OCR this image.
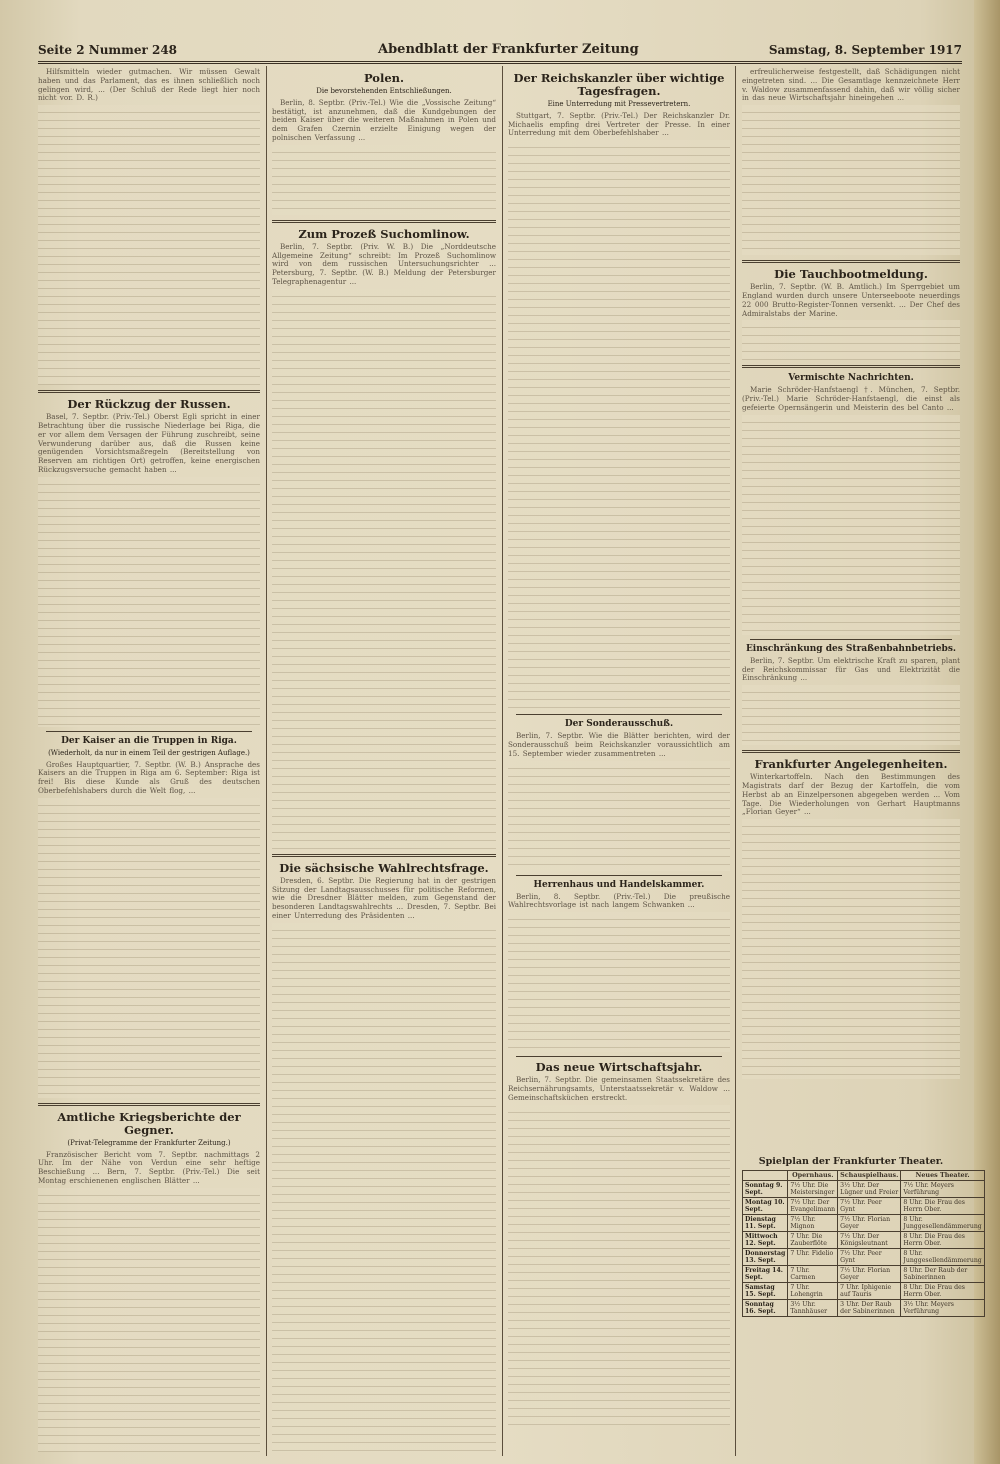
Seite 2 Nummer 248	Abendblatt der Frankfurter Zeitung	Samstag, 8. September 1917

Hilfsmitteln wieder gutmachen. Wir müssen Gewalt haben und das Parlament, das es ihnen schließlich noch gelingen wird, ... (Der Schluß der Rede liegt hier noch nicht vor. D. R.)

Der Rückzug der Russen.

Basel, 7. Septbr. (Priv.-Tel.) Oberst Egli spricht in einer Betrachtung über die russische Niederlage bei Riga, die er vor allem dem Versagen der Führung zuschreibt, seine Verwunderung darüber aus, daß die Russen keine genügenden Vorsichtsmaßregeln (Bereitstellung von Reserven am richtigen Ort) getroffen, keine energischen Rückzugsversuche gemacht haben ...

Der Kaiser an die Truppen in Riga.
(Wiederholt, da nur in einem Teil der gestrigen Auflage.)

Großes Hauptquartier, 7. Septbr. (W. B.) Ansprache des Kaisers an die Truppen in Riga am 6. September: Riga ist frei! Bis diese Kunde als Gruß des deutschen Oberbefehlshabers durch die Welt flog, ...

Amtliche Kriegsberichte der Gegner.
(Privat-Telegramme der Frankfurter Zeitung.)

Französischer Bericht vom 7. Septbr. nachmittags 2 Uhr. Im der Nähe von Verdun eine sehr heftige Beschießung ... Bern, 7. Septbr. (Priv.-Tel.) Die seit Montag erschienenen englischen Blätter ...

Polen.
Die bevorstehenden Entschließungen.

Berlin, 8. Septbr. (Priv.-Tel.) Wie die „Vossische Zeitung“ bestätigt, ist anzunehmen, daß die Kundgebungen der beiden Kaiser über die weiteren Maßnahmen in Polen und dem Grafen Czernin erzielte Einigung wegen der polnischen Verfassung ...

Zum Prozeß Suchomlinow.

Berlin, 7. Septbr. (Priv. W. B.) Die „Norddeutsche Allgemeine Zeitung“ schreibt: Im Prozeß Suchomlinow wird von dem russischen Untersuchungsrichter ... Petersburg, 7. Septbr. (W. B.) Meldung der Petersburger Telegraphenagentur ...

Die sächsische Wahlrechtsfrage.

Dresden, 6. Septbr. Die Regierung hat in der gestrigen Sitzung der Landtagsausschusses für politische Reformen, wie die Dresdner Blätter melden, zum Gegenstand der besonderen Landtagswahlrechts ... Dresden, 7. Septbr. Bei einer Unterredung des Präsidenten ...

Der Reichskanzler über wichtige Tagesfragen.
Eine Unterredung mit Pressevertretern.

Stuttgart, 7. Septbr. (Priv.-Tel.) Der Reichskanzler Dr. Michaelis empfing drei Vertreter der Presse. In einer Unterredung mit dem Oberbefehlshaber ...

Der Sonderausschuß.

Berlin, 7. Septbr. Wie die Blätter berichten, wird der Sonderausschuß beim Reichskanzler voraussichtlich am 15. September wieder zusammentreten ...

Herrenhaus und Handelskammer.

Berlin, 8. Septbr. (Priv.-Tel.) Die preußische Wahlrechtsvorlage ist nach langem Schwanken ...

Das neue Wirtschaftsjahr.

Berlin, 7. Septbr. Die gemeinsamen Staatssekretäre des Reichsernährungsamts, Unterstaatssekretär v. Waldow ... Gemeinschaftsküchen erstreckt.

erfreulicherweise festgestellt, daß Schädigungen nicht eingetreten sind. ... Die Gesamtlage kennzeichnete Herr v. Waldow zusammenfassend dahin, daß wir völlig sicher in das neue Wirtschaftsjahr hineingehen ...

Die Tauchbootmeldung.

Berlin, 7. Septbr. (W. B. Amtlich.) Im Sperrgebiet um England wurden durch unsere Unterseeboote neuerdings 22 000 Brutto-Register-Tonnen versenkt. ... Der Chef des Admiralstabs der Marine.

Vermischte Nachrichten.

Marie Schröder-Hanfstaengl †. München, 7. Septbr. (Priv.-Tel.) Marie Schröder-Hanfstaengl, die einst als gefeierte Opernsängerin und Meisterin des bel Canto ...

Einschränkung des Straßenbahnbetriebs.

Berlin, 7. Septbr. Um elektrische Kraft zu sparen, plant der Reichskommissar für Gas und Elektrizität die Einschränkung ...

Frankfurter Angelegenheiten.

Winterkartoffeln. Nach den Bestimmungen des Magistrats darf der Bezug der Kartoffeln, die vom Herbst ab an Einzelpersonen abgegeben werden ... Vom Tage. Die Wiederholungen von Gerhart Hauptmanns „Florian Geyer“ ...

Spielplan der Frankfurter Theater.
	Opernhaus.	Schauspielhaus.	Neues Theater.
Sonntag 9. Sept.	7½ Uhr. Die Meistersinger	3½ Uhr. Der Lügner und Freier	7½ Uhr. Meyers Verführung
Montag 10. Sept.	7½ Uhr. Der Evangelimann	7½ Uhr. Peer Gynt	8 Uhr. Die Frau des Herrn Ober.
Dienstag 11. Sept.	7½ Uhr. Mignon	7½ Uhr. Florian Geyer	8 Uhr. Junggesellendämmerung
Mittwoch 12. Sept.	7 Uhr. Die Zauberflöte	7½ Uhr. Der Königsleutnant	8 Uhr. Die Frau des Herrn Ober.
Donnerstag 13. Sept.	7 Uhr. Fidelio	7½ Uhr. Peer Gynt	8 Uhr. Junggesellendämmerung
Freitag 14. Sept.	7 Uhr. Carmen	7½ Uhr. Florian Geyer	8 Uhr. Der Raub der Sabinerinnen
Samstag 15. Sept.	7 Uhr. Lohengrin	7 Uhr. Iphigenie auf Tauris	8 Uhr. Die Frau des Herrn Ober.
Sonntag 16. Sept.	3½ Uhr. Tannhäuser	3 Uhr. Der Raub der Sabinerinnen	3½ Uhr. Meyers Verführung
